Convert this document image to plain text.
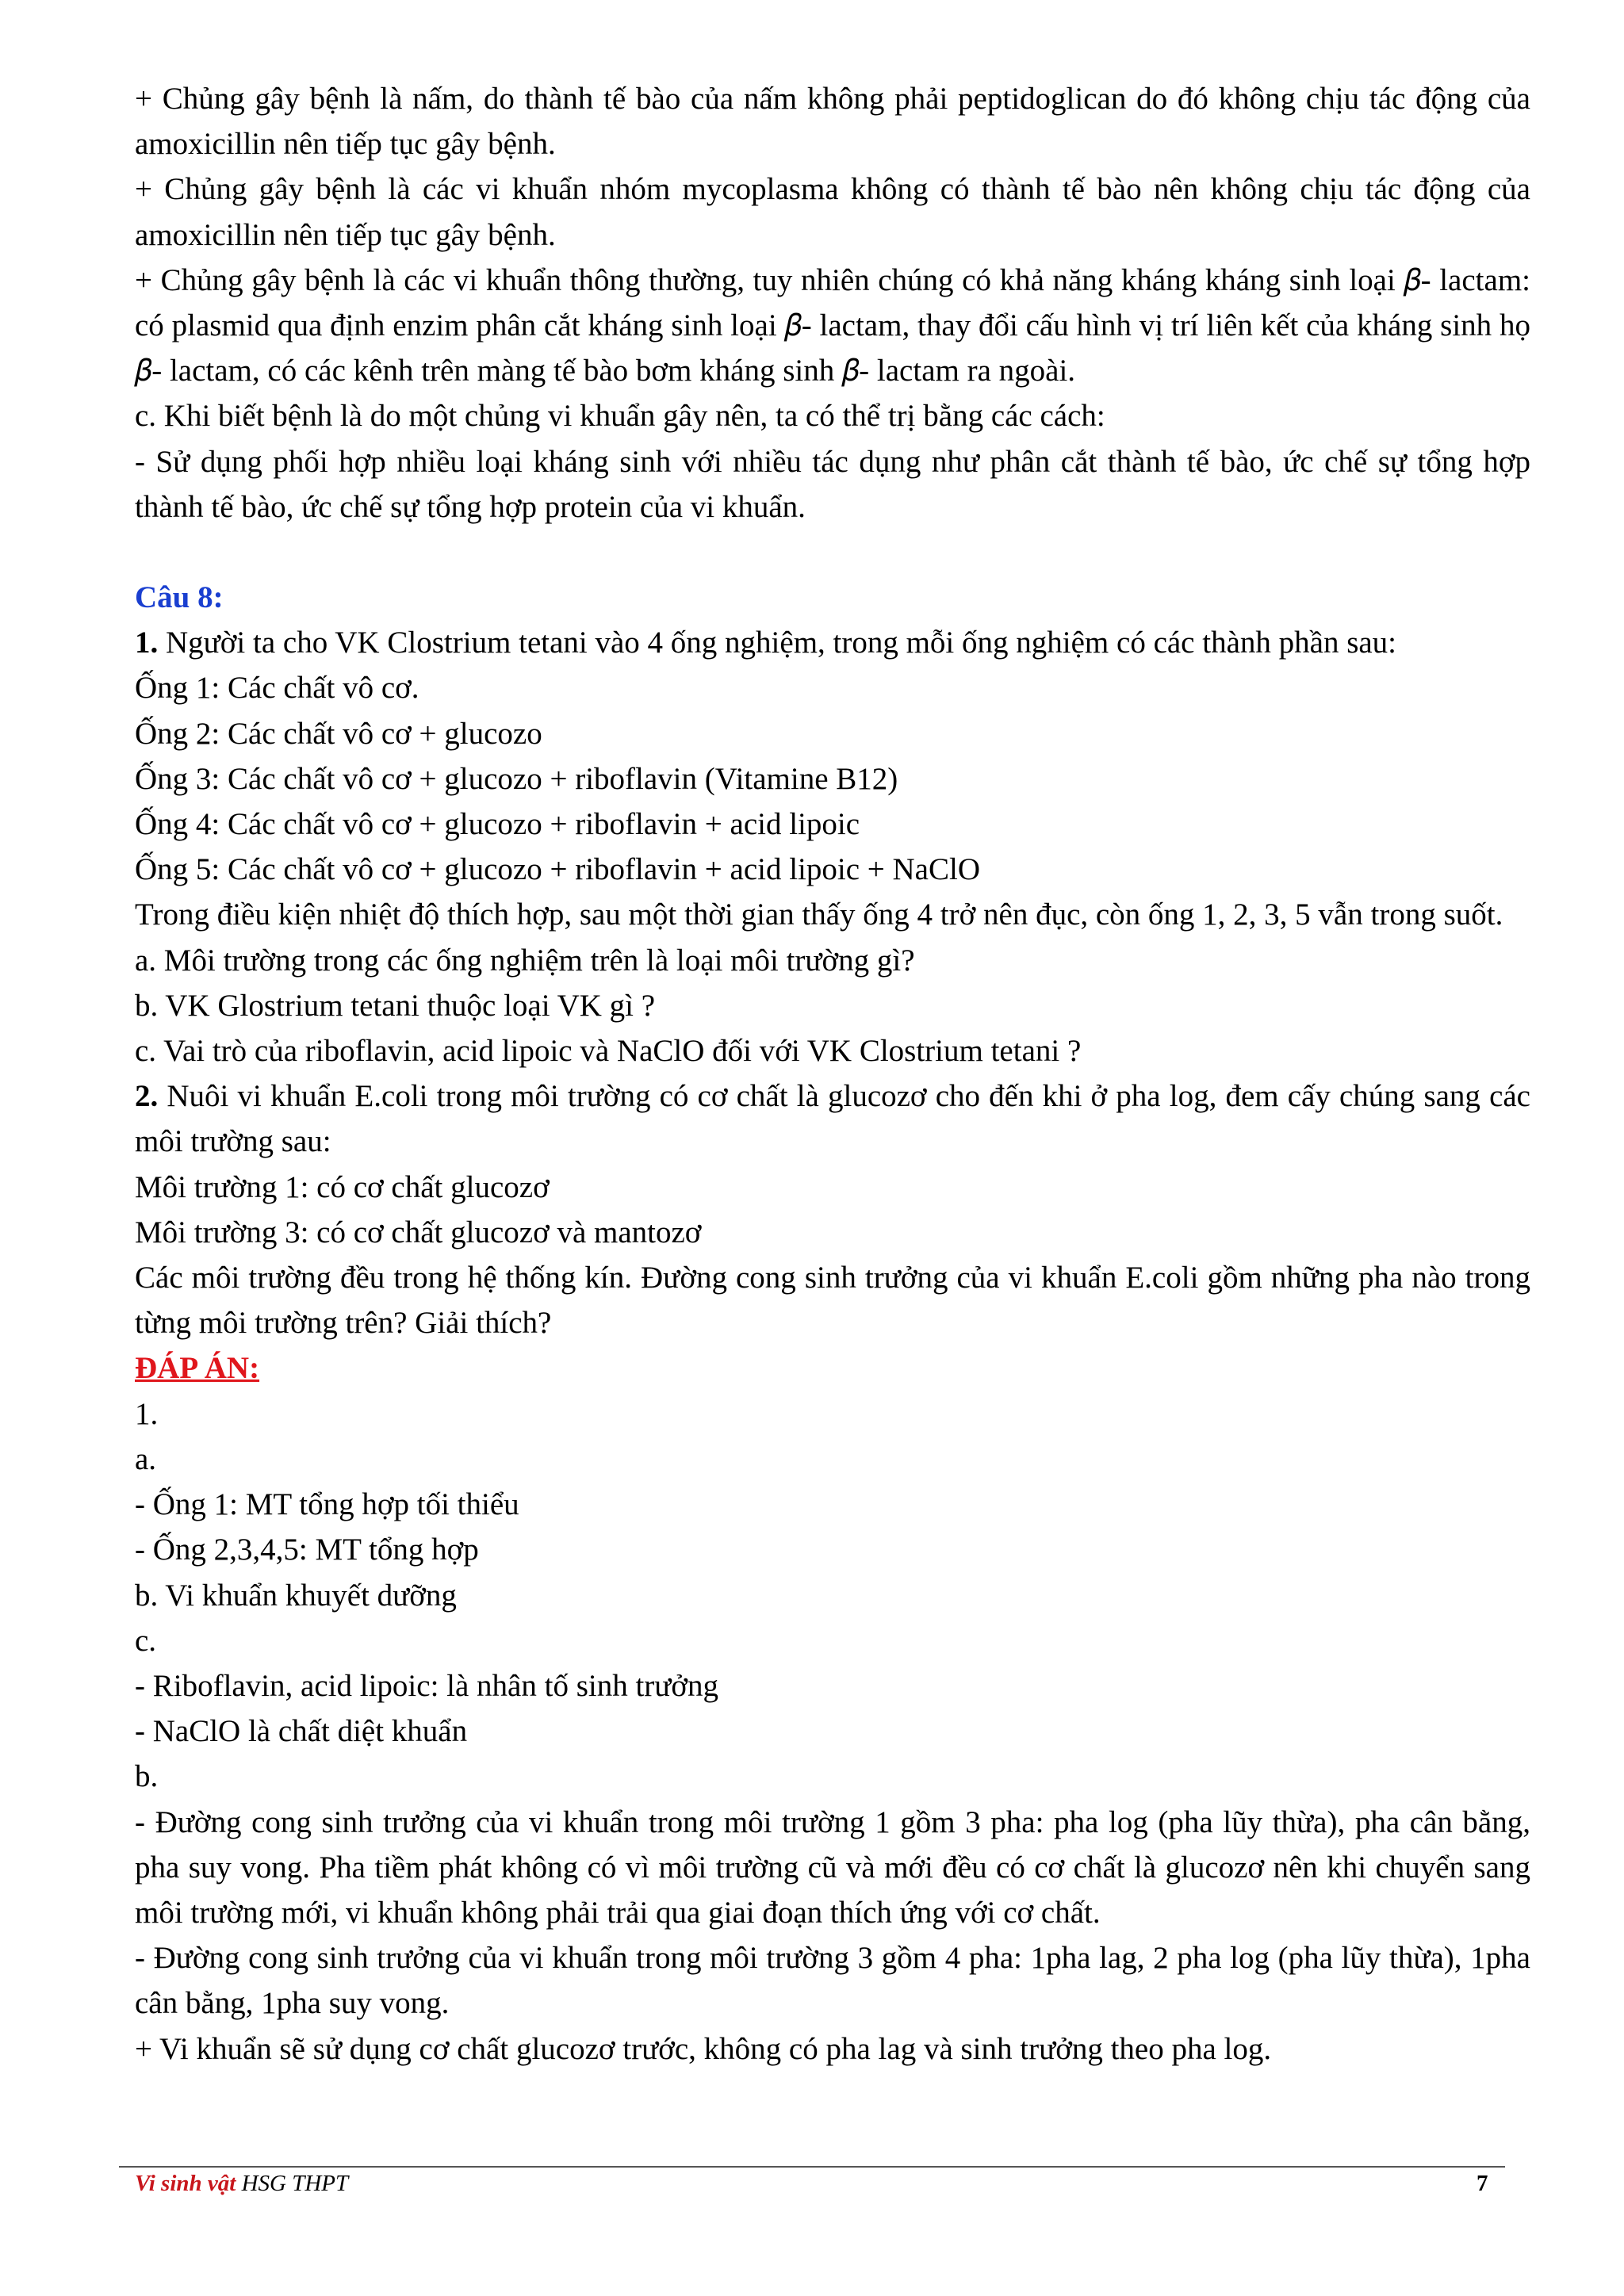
+ Chủng gây bệnh là nấm, do thành tế bào của nấm không phải peptidoglican do đó không chịu tác động của amoxicillin nên tiếp tục gây bệnh.

+ Chủng gây bệnh là các vi khuẩn nhóm mycoplasma không có thành tế bào nên không chịu tác động của amoxicillin nên tiếp tục gây bệnh.

+ Chủng gây bệnh là các vi khuẩn thông thường, tuy nhiên chúng có khả năng kháng kháng sinh loại 𝛽- lactam: có plasmid qua định enzim phân cắt kháng sinh loại 𝛽- lactam, thay đổi cấu hình vị trí liên kết của kháng sinh họ 𝛽- lactam, có các kênh trên màng tế bào bơm kháng sinh 𝛽- lactam ra ngoài.

c. Khi biết bệnh là do một chủng vi khuẩn gây nên, ta có thể trị bằng các cách:

- Sử dụng phối hợp nhiều loại kháng sinh với nhiều tác dụng như phân cắt thành tế bào, ức chế sự tổng hợp thành tế bào, ức chế sự tổng hợp protein của vi khuẩn.

Câu 8:

1. Người ta cho VK Clostrium tetani vào 4 ống nghiệm, trong mỗi ống nghiệm có các thành phần sau:

Ống 1: Các chất vô cơ.

Ống 2: Các chất vô cơ + glucozo

Ống 3: Các chất vô cơ + glucozo + riboflavin (Vitamine B12)

Ống 4: Các chất vô cơ + glucozo + riboflavin + acid lipoic

Ống 5: Các chất vô cơ + glucozo + riboflavin + acid lipoic + NaClO

Trong điều kiện nhiệt độ thích hợp, sau một thời gian thấy ống 4 trở nên đục, còn ống 1, 2, 3, 5 vẫn trong suốt.

a. Môi trường trong các ống nghiệm trên là loại môi trường gì?

b. VK Glostrium tetani thuộc loại VK gì ?

c. Vai trò của riboflavin, acid lipoic và NaClO đối với VK Clostrium tetani ?

2. Nuôi vi khuẩn E.coli trong môi trường có cơ chất là glucozơ cho đến khi ở pha log, đem cấy chúng sang các môi trường sau:

Môi trường 1: có cơ chất glucozơ

Môi trường 3: có cơ chất glucozơ và mantozơ

Các môi trường đều trong hệ thống kín. Đường cong sinh trưởng của vi khuẩn E.coli gồm những pha nào trong từng môi trường trên? Giải thích?

ĐÁP ÁN:

1.

a.

- Ống 1: MT tổng hợp tối thiểu

- Ống 2,3,4,5: MT tổng hợp

b. Vi khuẩn khuyết dưỡng

c.

- Riboflavin, acid lipoic: là nhân tố sinh trưởng

- NaClO là chất diệt khuẩn

b.

- Đường cong sinh trưởng của vi khuẩn trong môi trường 1 gồm 3 pha: pha log (pha lũy thừa), pha cân bằng, pha suy vong. Pha tiềm phát không có vì môi trường cũ và mới đều có cơ chất là glucozơ nên khi chuyển sang môi trường mới, vi khuẩn không phải trải qua giai đoạn thích ứng với cơ chất.

- Đường cong sinh trưởng của vi khuẩn trong môi trường 3 gồm 4 pha: 1pha lag, 2 pha log (pha lũy thừa), 1pha cân bằng, 1pha suy vong.

+ Vi khuẩn sẽ sử dụng cơ chất glucozơ trước, không có pha lag và sinh trưởng theo pha log.

Vi sinh vật HSG THPT	7
